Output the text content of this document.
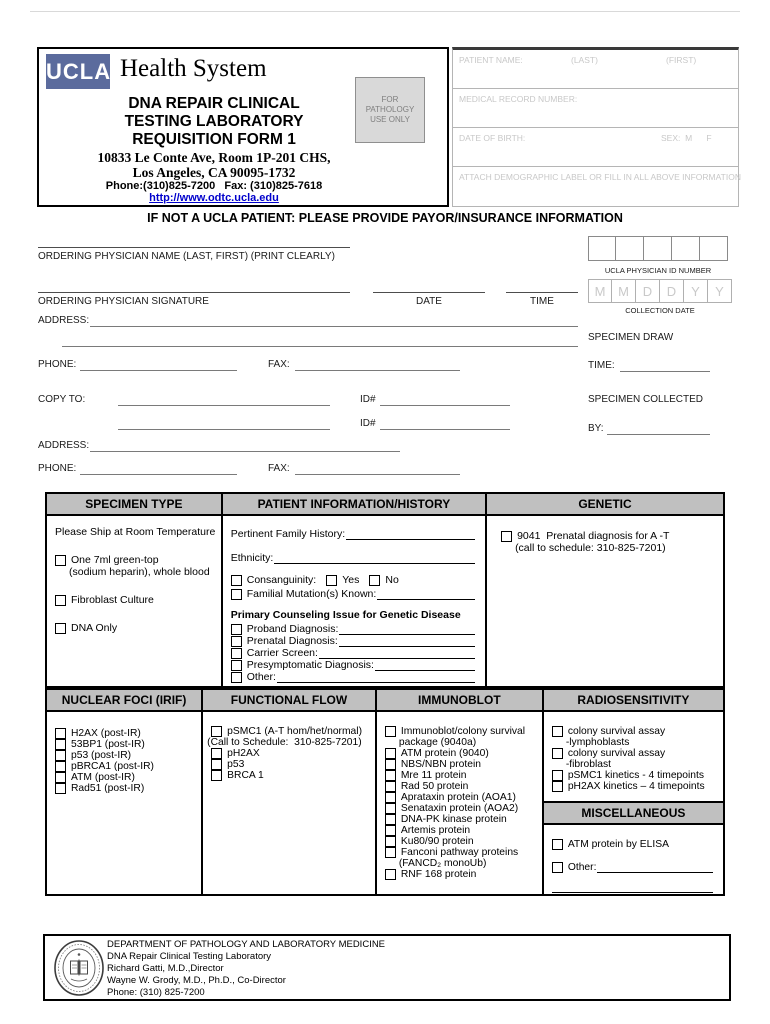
UCLA Health System
DNA REPAIR CLINICAL
TESTING LABORATORY
REQUISITION FORM 1
10833 Le Conte Ave, Room 1P-201 CHS,
Los Angeles, CA 90095-1732
Phone:(310)825-7200   Fax: (310)825-7618
http://www.odtc.ucla.edu
FOR
PATHOLOGY
USE ONLY
PATIENT NAME:	(LAST)	(FIRST)
MEDICAL RECORD NUMBER:
DATE OF BIRTH:	SEX:  M      F
ATTACH DEMOGRAPHIC LABEL OR FILL IN ALL ABOVE INFORMATION
IF NOT A UCLA PATIENT: PLEASE PROVIDE PAYOR/INSURANCE INFORMATION
ORDERING PHYSICIAN NAME (LAST, FIRST) (PRINT CLEARLY)
UCLA PHYSICIAN ID NUMBER
ORDERING PHYSICIAN SIGNATURE	DATE	TIME
M M	D	D	Y	Y
COLLECTION DATE
ADDRESS:
SPECIMEN DRAW
PHONE:	FAX:	TIME:
COPY TO:	ID#	SPECIMEN COLLECTED
ID#	BY:
ADDRESS:
PHONE:	FAX:
SPECIMEN TYPE
Please Ship at Room Temperature
One 7ml green-top
(sodium heparin), whole blood
Fibroblast Culture
DNA Only
PATIENT INFORMATION/HISTORY
Pertinent Family History:
Ethnicity:
Consanguinity: Yes No
Familial Mutation(s) Known:
Primary Counseling Issue for Genetic Disease
Proband Diagnosis:
Prenatal Diagnosis:
Carrier Screen:
Presymptomatic Diagnosis:
Other:
GENETIC
9041  Prenatal diagnosis for A -T
(call to schedule: 310-825-7201)
NUCLEAR FOCI (IRIF)
H2AX (post-IR)
53BP1 (post-IR)
p53 (post-IR)
pBRCA1 (post-IR)
ATM (post-IR)
Rad51 (post-IR)
FUNCTIONAL FLOW
pSMC1 (A-T hom/het/normal)
(Call to Schedule:  310-825-7201)
pH2AX
p53
BRCA 1
IMMUNOBLOT
Immunoblot/colony survival
package (9040a)
ATM protein (9040)
NBS/NBN protein
Mre 11 protein
Rad 50 protein
Aprataxin protein (AOA1)
Senataxin protein (AOA2)
DNA-PK kinase protein
Artemis protein
Ku80/90 protein
Fanconi pathway proteins
(FANCD₂ monoUb)
RNF 168 protein
RADIOSENSITIVITY
colony survival assay
-lymphoblasts
colony survival assay
-fibroblast
pSMC1 kinetics - 4 timepoints
pH2AX kinetics – 4 timepoints
MISCELLANEOUS
ATM protein by ELISA
Other:
DEPARTMENT OF PATHOLOGY AND LABORATORY MEDICINE
DNA Repair Clinical Testing Laboratory
Richard Gatti, M.D.,Director
Wayne W. Grody, M.D., Ph.D., Co-Director
Phone: (310) 825-7200
